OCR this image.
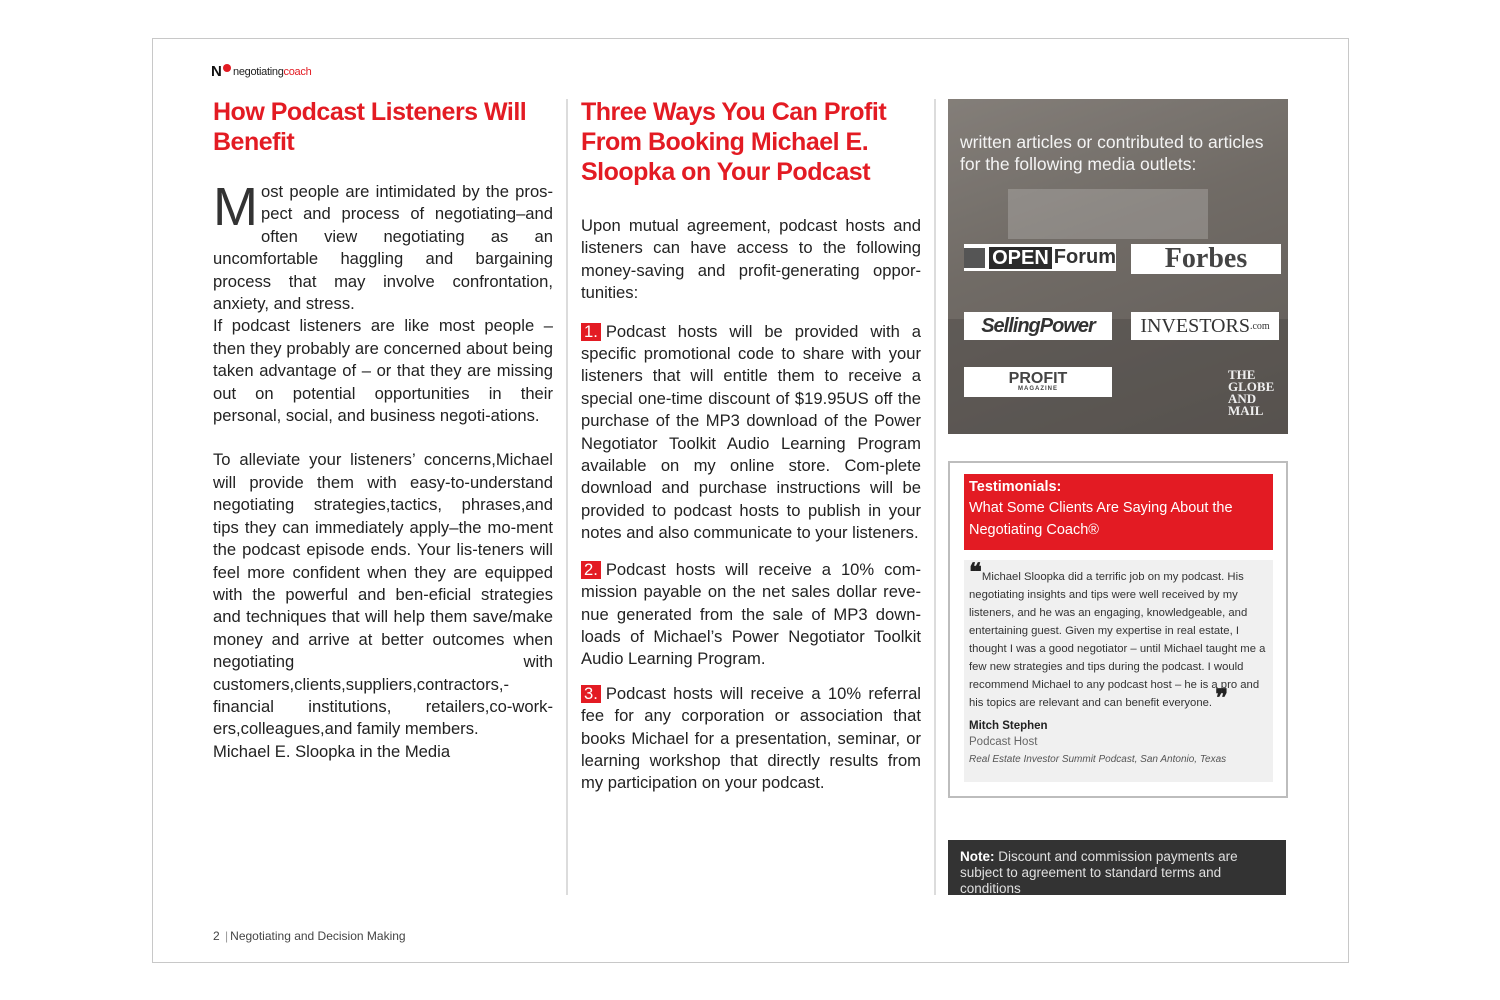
N negotiatingcoach
How Podcast Listeners Will Benefit

Most people are intimidated by the pros-pect and process of negotiating–and often view negotiating as an uncomfortable haggling and bargaining process that may involve confrontation, anxiety, and stress.

If podcast listeners are like most people – then they probably are concerned about being taken advantage of – or that they are missing out on potential opportunities in their personal, social, and business negoti-ations.

To alleviate your listeners’ concerns,Michael will provide them with easy-to-understand negotiating strategies,tactics, phrases,and tips they can immediately apply–the mo-ment the podcast episode ends. Your lis-teners will feel more confident when they are equipped with the powerful and ben-eficial strategies and techniques that will help them save/make money and arrive at better outcomes when negotiating with customers,clients,suppliers,contractors,-financial institutions, retailers,co-work-ers,colleagues,and family members.

Michael E. Sloopka in the Media

Three Ways You Can Profit From Booking Michael E. Sloopka on Your Podcast

Upon mutual agreement, podcast hosts and listeners can have access to the following money-saving and profit-generating oppor-tunities:

1. Podcast hosts will be provided with a specific promotional code to share with your listeners that will entitle them to receive a special one-time discount of $19.95US off the purchase of the MP3 download of the Power Negotiator Toolkit Audio Learning Program available on my online store. Com-plete download and purchase instructions will be provided to podcast hosts to publish in your notes and also communicate to your listeners.

2. Podcast hosts will receive a 10% com-mission payable on the net sales dollar reve-nue generated from the sale of MP3 down-loads of Michael’s Power Negotiator Toolkit Audio Learning Program.

3. Podcast hosts will receive a 10% referral fee for any corporation or association that books Michael for a presentation, seminar, or learning workshop that directly results from my participation on your podcast.

written articles or contributed to articles for the following media outlets:
OPEN Forum	Forbes
SellingPower	INVESTORS .com
PROFIT
MAGAZINE
THE
GLOBE
AND
MAIL
Testimonials:
What Some Clients Are Saying About the Negotiating Coach®
❝Michael Sloopka did a terrific job on my podcast. His negotiating insights and tips were well received by my listeners, and he was an engaging, knowledgeable, and entertaining guest. Given my expertise in real estate, I thought I was a good negotiator – until Michael taught me a few new strategies and tips during the podcast. I would recommend Michael to any podcast host – he is a pro and his topics are relevant and can benefit everyone. ❞
Mitch Stephen
Podcast Host
Real Estate Investor Summit Podcast, San Antonio, Texas
Note: Discount and commission payments are subject to agreement to standard terms and conditions
2 | Negotiating and Decision Making
